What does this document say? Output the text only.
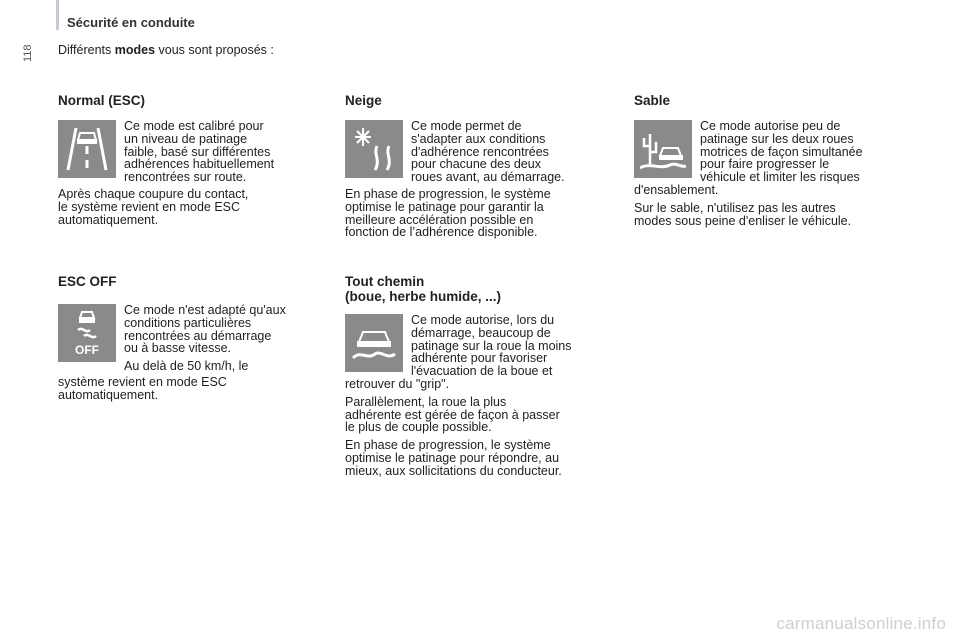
Sécurité en conduite
118 Différents modes vous sont proposés :
Normal (ESC)

Ce mode est calibré pour

un niveau de patinage

faible, basé sur différentes

adhérences habituellement

rencontrées sur route.

Après chaque coupure du contact,

le système revient en mode ESC

automatiquement.

ESC OFF
OFF

Ce mode n'est adapté qu'aux

conditions particulières

rencontrées au démarrage

ou à basse vitesse.

Au delà de 50 km/h, le

système revient en mode ESC

automatiquement.

Neige

Ce mode permet de

s'adapter aux conditions

d'adhérence rencontrées

pour chacune des deux

roues avant, au démarrage.

En phase de progression, le système

optimise le patinage pour garantir la

meilleure accélération possible en

fonction de l’adhérence disponible.

Tout chemin
(boue, herbe humide, ...)

Ce mode autorise, lors du

démarrage, beaucoup de

patinage sur la roue la moins

adhérente pour favoriser

l'évacuation de la boue et

retrouver du "grip".

Parallèlement, la roue la plus

adhérente est gérée de façon à passer

le plus de couple possible.

En phase de progression, le système

optimise le patinage pour répondre, au

mieux, aux sollicitations du conducteur.

Sable

Ce mode autorise peu de

patinage sur les deux roues

motrices de façon simultanée

pour faire progresser le

véhicule et limiter les risques

d'ensablement.

Sur le sable, n'utilisez pas les autres

modes sous peine d'enliser le véhicule.

carmanualsonline.info
